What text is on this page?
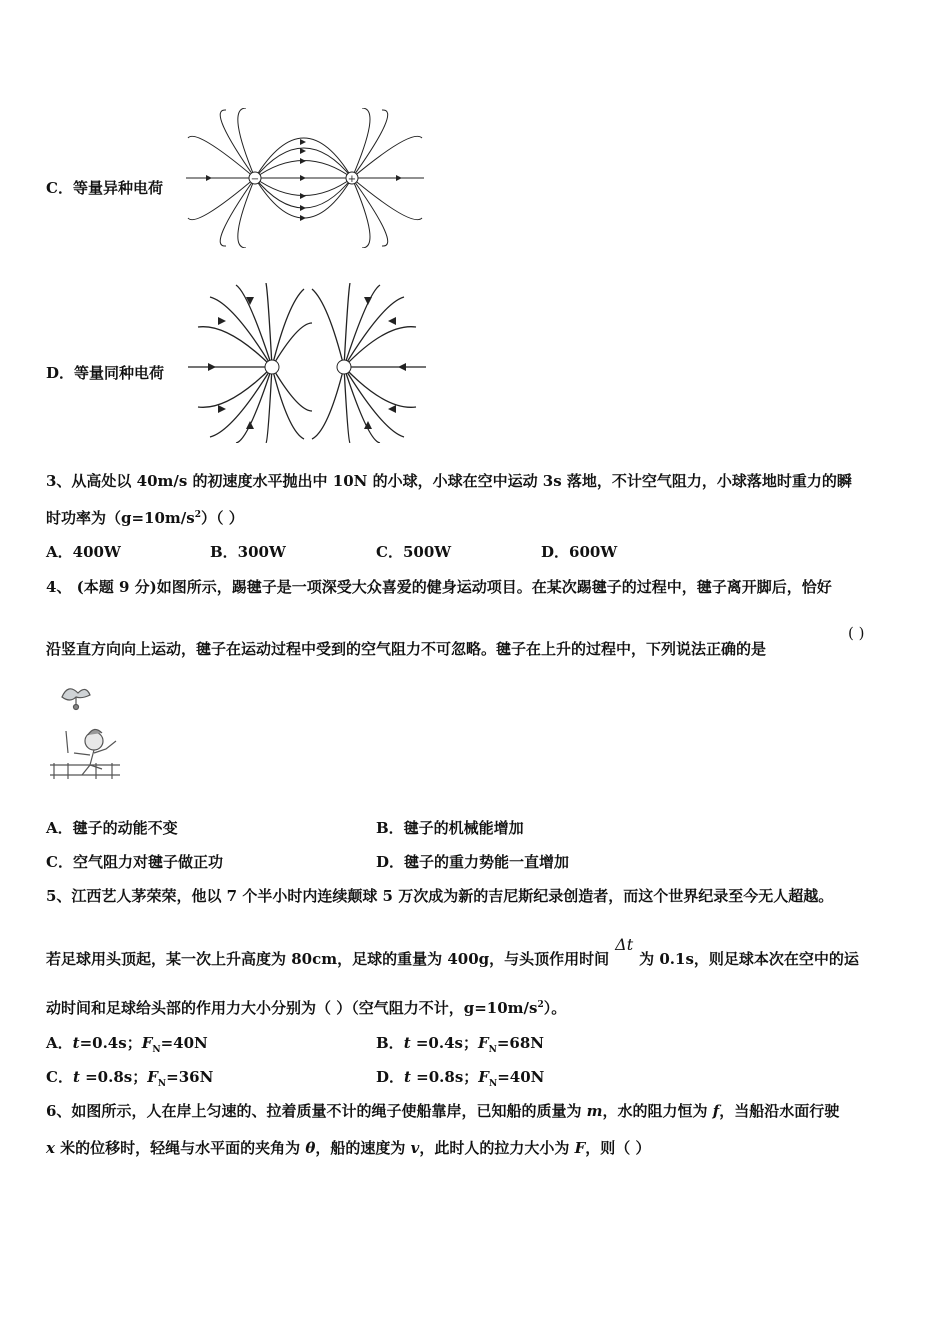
C．等量异种电荷	−	+
D．等量同种电荷
3、从高处以 40m/s 的初速度水平抛出中 10N 的小球，小球在空中运动 3s 落地，不计空气阻力，小球落地时重力的瞬
时功率为$(g=10m/s^2)$（ ）
A．400W	B．300W	C．500W	D．600W
4、 (本题 9 分)如图所示，踢毽子是一项深受大众喜爱的健身运动项目。在某次踢毽子的过程中，毽子离开脚后，恰好
沿竖直方向向上运动，毽子在运动过程中受到的空气阻力不可忽略。毽子在上升的过程中，下列说法正确的是
( )
A．毽子的动能不变	B．毽子的机械能增加
C．空气阻力对毽子做正功	D．毽子的重力势能一直增加
5、江西艺人茅荣荣，他以 7 个半小时内连续颠球 5 万次成为新的吉尼斯纪录创造者，而这个世界纪录至今无人超越。
若足球用头顶起，某一次上升高度为 80cm，足球的重量为 400g，与头顶作用时间Δt为 0.1s，则足球本次在空中的运
动时间和足球给头部的作用力大小分别为（ ）（空气阻力不计，$g=10m/s^2$）。
A．t=0.4s；$F_N=40N$	B．t =0.4s；$F_N=68N$
C．t =0.8s；$F_N=36N$	D．t =0.8s；$F_N=40N$
6、如图所示，人在岸上匀速的、拉着质量不计的绳子使船靠岸，已知船的质量为 m，水的阻力恒为 f，当船沿水面行驶
x 米的位移时，轻绳与水平面的夹角为 θ，船的速度为 v，此时人的拉力大小为 F，则（ ）
